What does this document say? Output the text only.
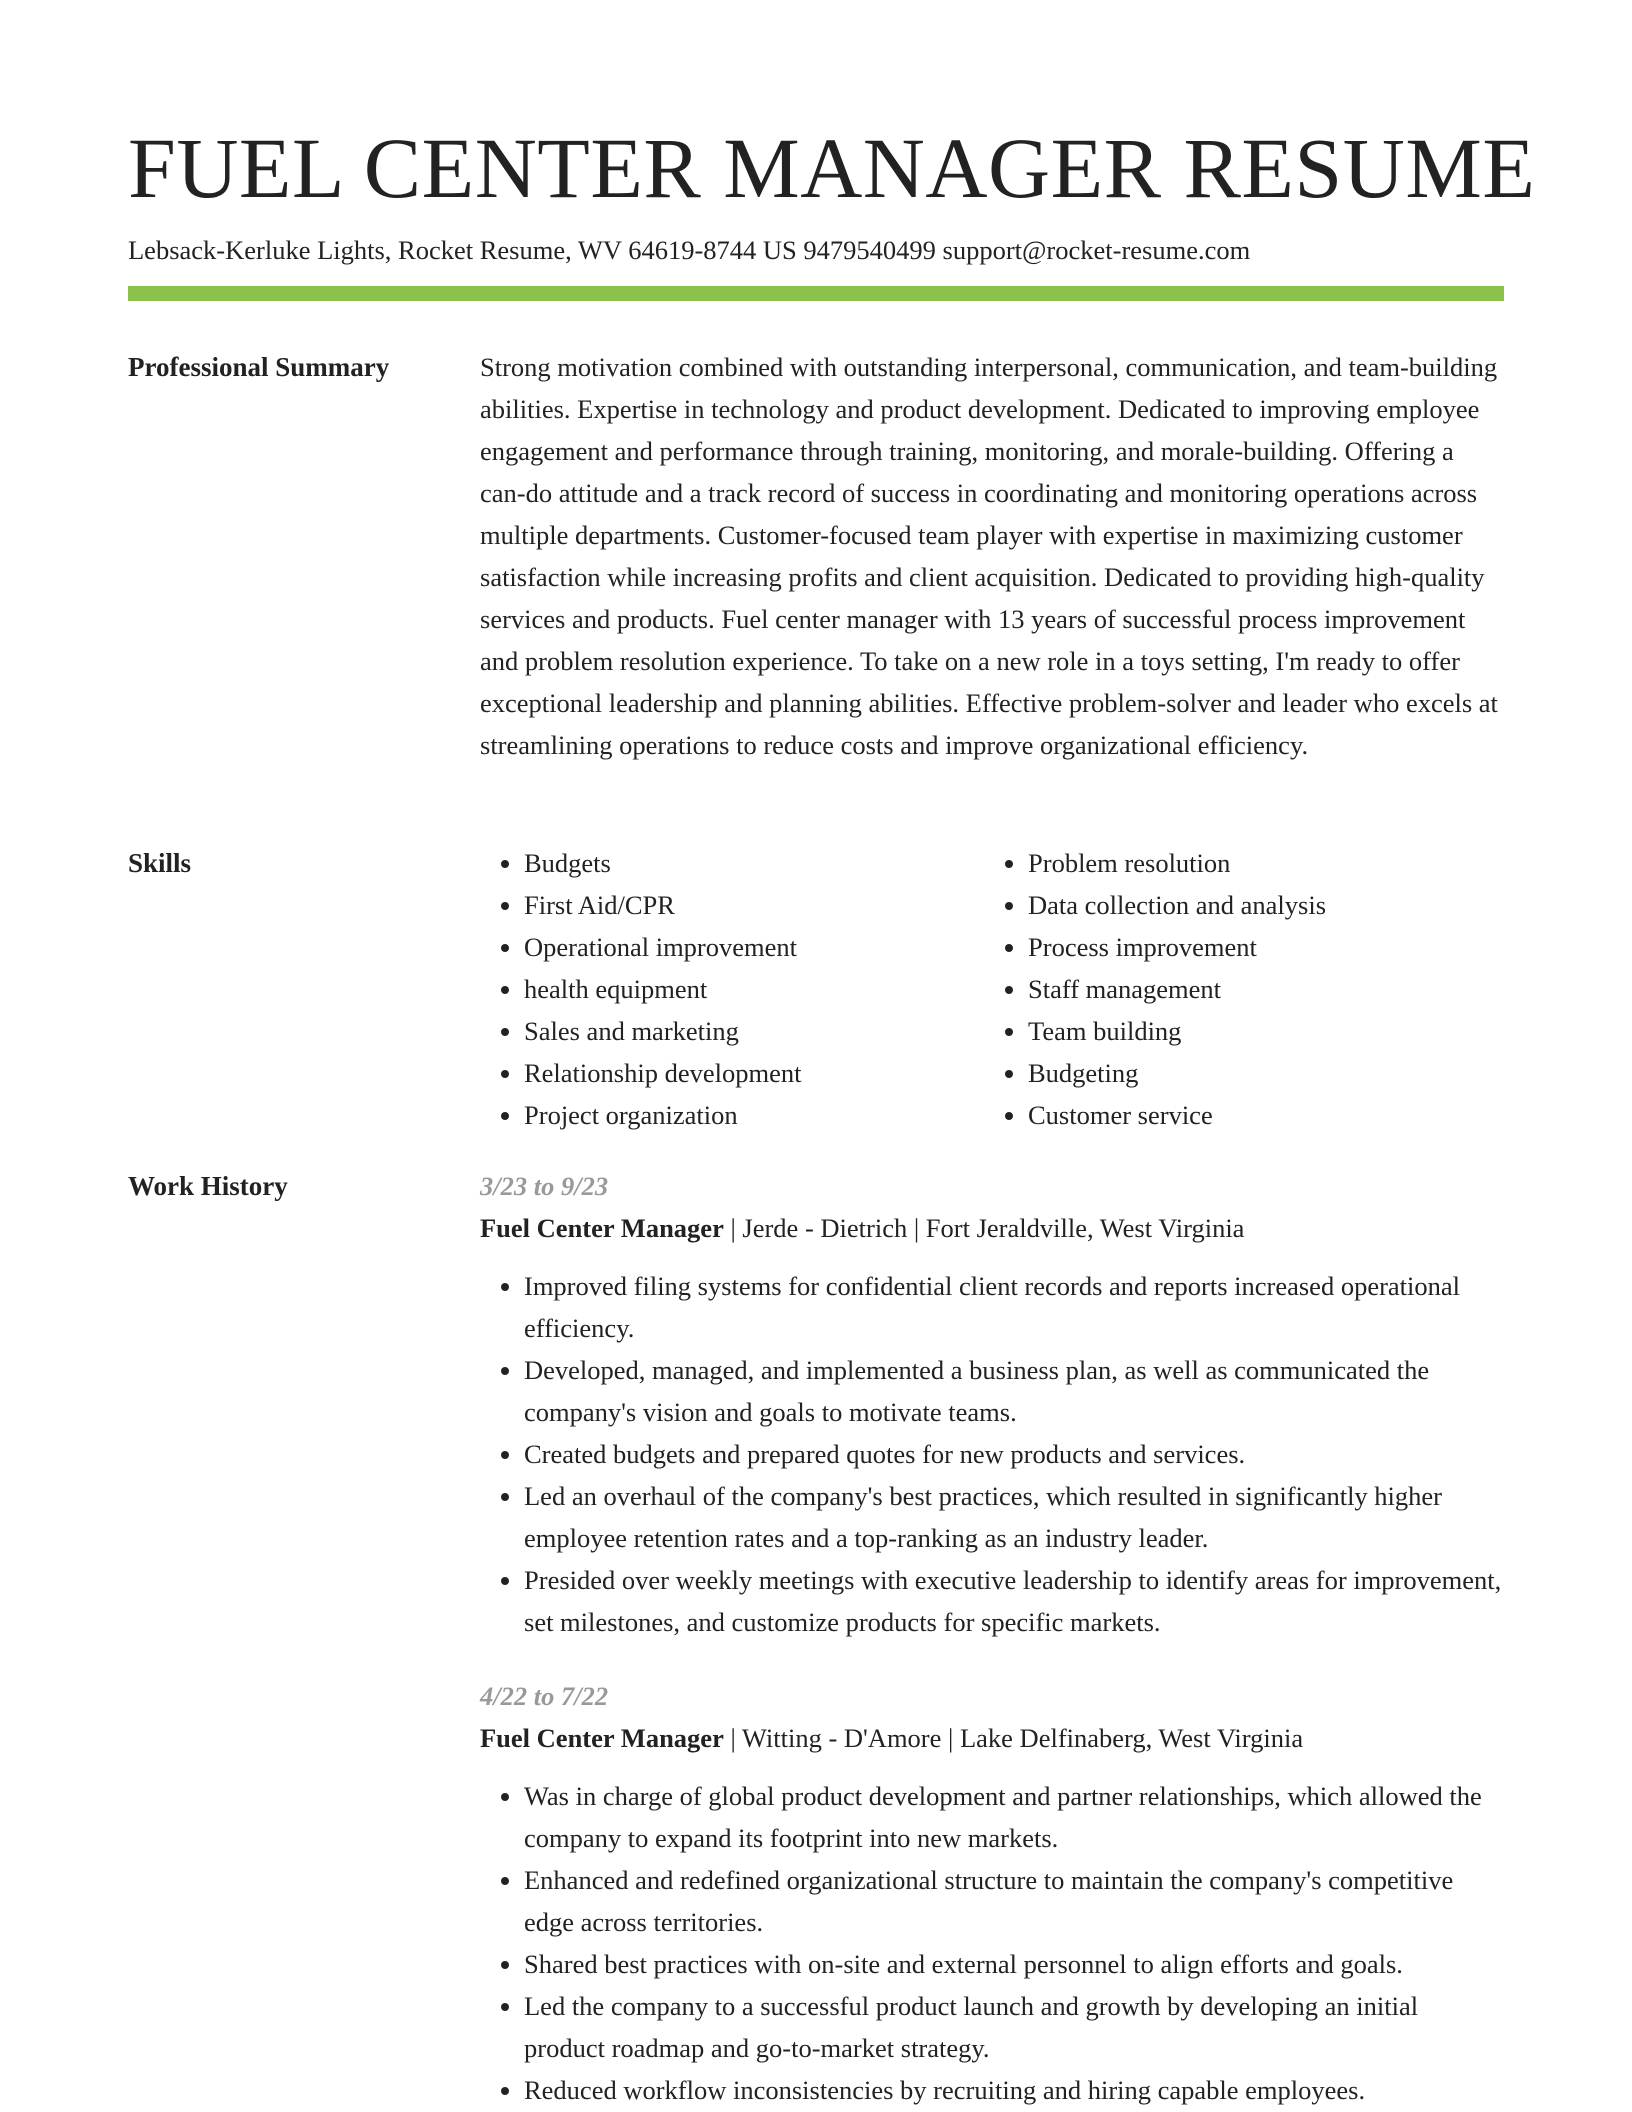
FUEL CENTER MANAGER RESUME
Lebsack-Kerluke Lights, Rocket Resume, WV 64619-8744 US 9479540499 support@rocket-resume.com
Professional Summary	Strong motivation combined with outstanding interpersonal, communication, and team-building abilities. Expertise in technology and product development. Dedicated to improving employee engagement and performance through training, monitoring, and morale-building. Offering a can-do attitude and a track record of success in coordinating and monitoring operations across multiple departments. Customer-focused team player with expertise in maximizing customer satisfaction while increasing profits and client acquisition. Dedicated to providing high-quality services and products. Fuel center manager with 13 years of successful process improvement and problem resolution experience. To take on a new role in a toys setting, I'm ready to offer exceptional leadership and planning abilities. Effective problem-solver and leader who excels at streamlining operations to reduce costs and improve organizational efficiency.

Skills
•	Budgets
• First Aid/CPR
• Operational improvement
• health equipment
• Sales and marketing
• Relationship development
• Project organization
• Problem resolution
• Data collection and analysis
• Process improvement
• Staff management
• Team building
• Budgeting
• Customer service
Work History	3/23 to 9/23
Fuel Center Manager | Jerde - Dietrich | Fort Jeraldville, West Virginia
• Improved filing systems for confidential client records and reports increased operational efficiency.
• Developed, managed, and implemented a business plan, as well as communicated the company's vision and goals to motivate teams.
• Created budgets and prepared quotes for new products and services.
• Led an overhaul of the company's best practices, which resulted in significantly higher employee retention rates and a top-ranking as an industry leader.
• Presided over weekly meetings with executive leadership to identify areas for improvement, set milestones, and customize products for specific markets.
4/22 to 7/22
Fuel Center Manager | Witting - D'Amore | Lake Delfinaberg, West Virginia
• Was in charge of global product development and partner relationships, which allowed the company to expand its footprint into new markets.
• Enhanced and redefined organizational structure to maintain the company's competitive edge across territories.
• Shared best practices with on-site and external personnel to align efforts and goals.
• Led the company to a successful product launch and growth by developing an initial product roadmap and go-to-market strategy.
• Reduced workflow inconsistencies by recruiting and hiring capable employees.
